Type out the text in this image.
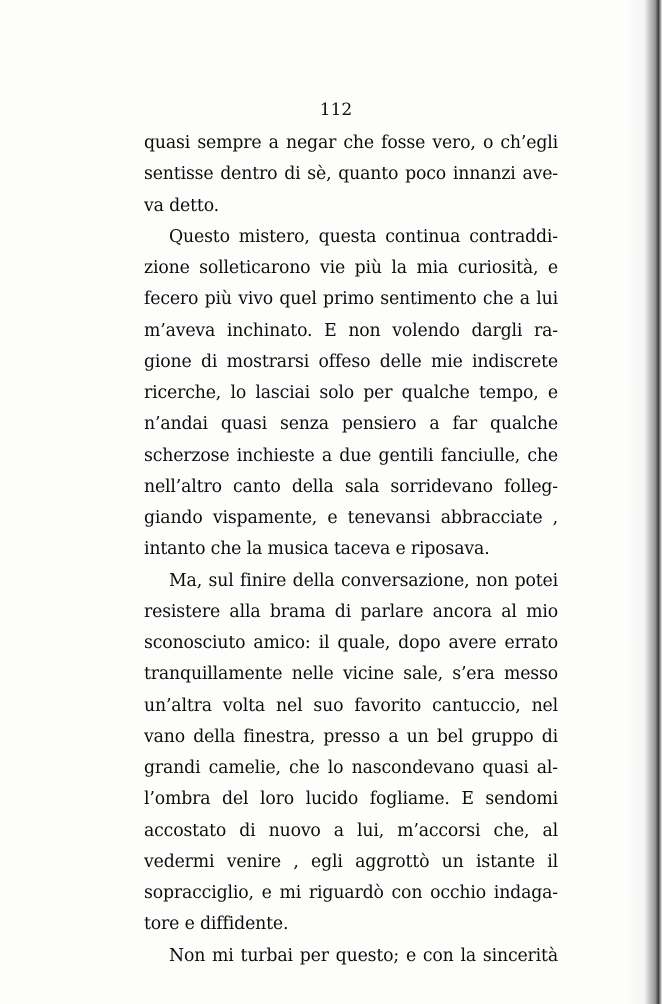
112
quasi sempre a negar che fosse vero, o ch’egli
sentisse dentro di sè, quanto poco innanzi ave-
va detto.
Questo mistero, questa continua contraddi-
zione solleticarono vie più la mia curiosità, e
fecero più vivo quel primo sentimento che a lui
m’aveva inchinato. E non volendo dargli ra-
gione di mostrarsi offeso delle mie indiscrete
ricerche, lo lasciai solo per qualche tempo, e
n’andai quasi senza pensiero a far qualche
scherzose inchieste a due gentili fanciulle, che
nell’altro canto della sala sorridevano folleg-
giando vispamente, e tenevansi abbracciate ,
intanto che la musica taceva e riposava.
Ma, sul finire della conversazione, non potei
resistere alla brama di parlare ancora al mio
sconosciuto amico: il quale, dopo avere errato
tranquillamente nelle vicine sale, s’era messo
un’altra volta nel suo favorito cantuccio, nel
vano della finestra, presso a un bel gruppo di
grandi camelie, che lo nascondevano quasi al-
l’ombra del loro lucido fogliame. E sendomi
accostato di nuovo a lui, m’accorsi che, al
vedermi venire , egli aggrottò un istante il
sopracciglio, e mi riguardò con occhio indaga-
tore e diffidente.
Non mi turbai per questo; e con la sincerità
